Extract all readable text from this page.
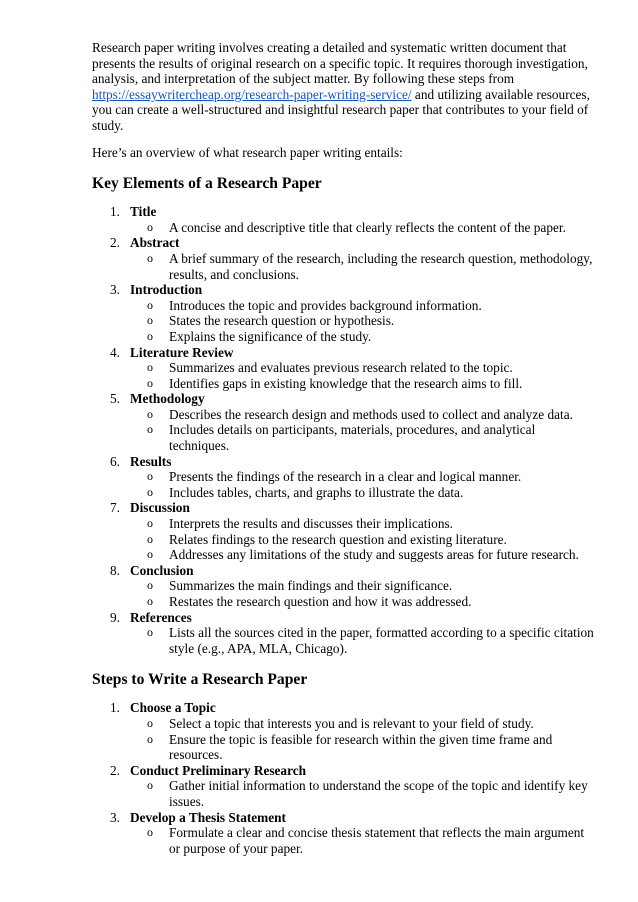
Research paper writing involves creating a detailed and systematic written document that presents the results of original research on a specific topic. It requires thorough investigation, analysis, and interpretation of the subject matter. By following these steps from https://essaywritercheap.org/research-paper-writing-service/ and utilizing available resources, you can create a well-structured and insightful research paper that contributes to your field of study.

Here’s an overview of what research paper writing entails:

Key Elements of a Research Paper
1. Title
o A concise and descriptive title that clearly reflects the content of the paper.
2. Abstract
o A brief summary of the research, including the research question, methodology, results, and conclusions.
3. Introduction
o Introduces the topic and provides background information.
o States the research question or hypothesis.
o Explains the significance of the study.
4. Literature Review
o Summarizes and evaluates previous research related to the topic.
o Identifies gaps in existing knowledge that the research aims to fill.
5. Methodology
o Describes the research design and methods used to collect and analyze data.
o Includes details on participants, materials, procedures, and analytical techniques.
6. Results
o Presents the findings of the research in a clear and logical manner.
o Includes tables, charts, and graphs to illustrate the data.
7. Discussion
o Interprets the results and discusses their implications.
o Relates findings to the research question and existing literature.
o Addresses any limitations of the study and suggests areas for future research.
8. Conclusion
o Summarizes the main findings and their significance.
o Restates the research question and how it was addressed.
9. References
o Lists all the sources cited in the paper, formatted according to a specific citation style (e.g., APA, MLA, Chicago).
Steps to Write a Research Paper
1. Choose a Topic
o Select a topic that interests you and is relevant to your field of study.
o Ensure the topic is feasible for research within the given time frame and resources.
2. Conduct Preliminary Research
o Gather initial information to understand the scope of the topic and identify key issues.
3. Develop a Thesis Statement
o Formulate a clear and concise thesis statement that reflects the main argument or purpose of your paper.
